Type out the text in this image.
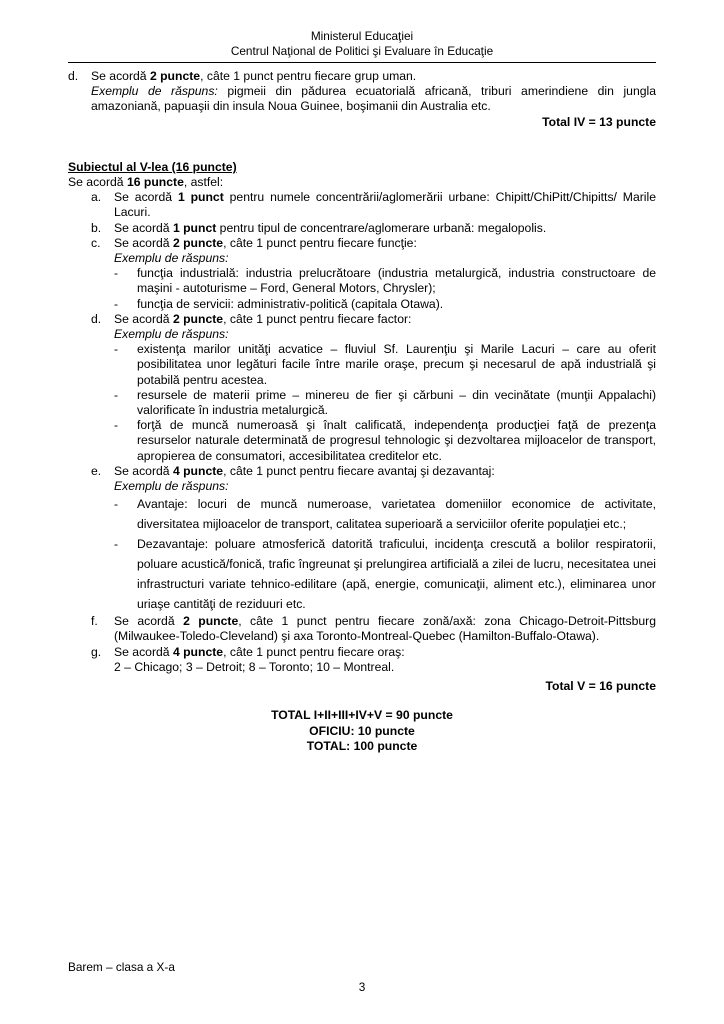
Ministerul Educaţiei
Centrul Naţional de Politici şi Evaluare în Educaţie
d.	Se acordă 2 puncte, câte 1 punct pentru fiecare grup uman.
Exemplu de răspuns: pigmeii din pădurea ecuatorială africană, triburi amerindiene din jungla amazoniană, papuaşii din insula Noua Guinee, boşimanii din Australia etc.
Total IV = 13 puncte
Subiectul al V-lea (16 puncte)
Se acordă 16 puncte, astfel:
a.	Se acordă 1 punct pentru numele concentrării/aglomerării urbane: Chipitt/ChiPitt/Chipitts/ Marile Lacuri.
b.	Se acordă 1 punct pentru tipul de concentrare/aglomerare urbană: megalopolis.
c.	Se acordă 2 puncte, câte 1 punct pentru fiecare funcţie:
Exemplu de răspuns:
-	funcţia industrială: industria prelucrătoare (industria metalurgică, industria constructoare de maşini - autoturisme – Ford, General Motors, Chrysler);
-	funcţia de servicii: administrativ-politică (capitala Otawa).
d.	Se acordă 2 puncte, câte 1 punct pentru fiecare factor:
Exemplu de răspuns:
-	existenţa marilor unităţi acvatice – fluviul Sf. Laurenţiu şi Marile Lacuri – care au oferit posibilitatea unor legături facile între marile oraşe, precum şi necesarul de apă industrială şi potabilă pentru acestea.
-	resursele de materii prime – minereu de fier şi cărbuni – din vecinătate (munţii Appalachi) valorificate în industria metalurgică.
-	forţă de muncă numeroasă şi înalt calificată, independenţa producţiei faţă de prezenţa resurselor naturale determinată de progresul tehnologic şi dezvoltarea mijloacelor de transport, apropierea de consumatori, accesibilitatea creditelor etc.
e.	Se acordă 4 puncte, câte 1 punct pentru fiecare avantaj şi dezavantaj:
Exemplu de răspuns:
-	Avantaje: locuri de muncă numeroase, varietatea domeniilor economice de activitate, diversitatea mijloacelor de transport, calitatea superioară a serviciilor oferite populaţiei etc.;
-	Dezavantaje: poluare atmosferică datorită traficului, incidenţa crescută a bolilor respiratorii, poluare acustică/fonică, trafic îngreunat şi prelungirea artificială a zilei de lucru, necesitatea unei infrastructuri variate tehnico-edilitare (apă, energie, comunicaţii, aliment etc.), eliminarea unor uriaşe cantităţi de reziduuri etc.
f.	Se acordă 2 puncte, câte 1 punct pentru fiecare zonă/axă: zona Chicago-Detroit-Pittsburg (Milwaukee-Toledo-Cleveland) şi axa Toronto-Montreal-Quebec (Hamilton-Buffalo-Otawa).
g.	Se acordă 4 puncte, câte 1 punct pentru fiecare oraş:
2 – Chicago; 3 – Detroit; 8 – Toronto; 10 – Montreal.
Total V = 16 puncte
TOTAL I+II+III+IV+V = 90 puncte
OFICIU: 10 puncte
TOTAL: 100 puncte
Barem – clasa a X-a
3
